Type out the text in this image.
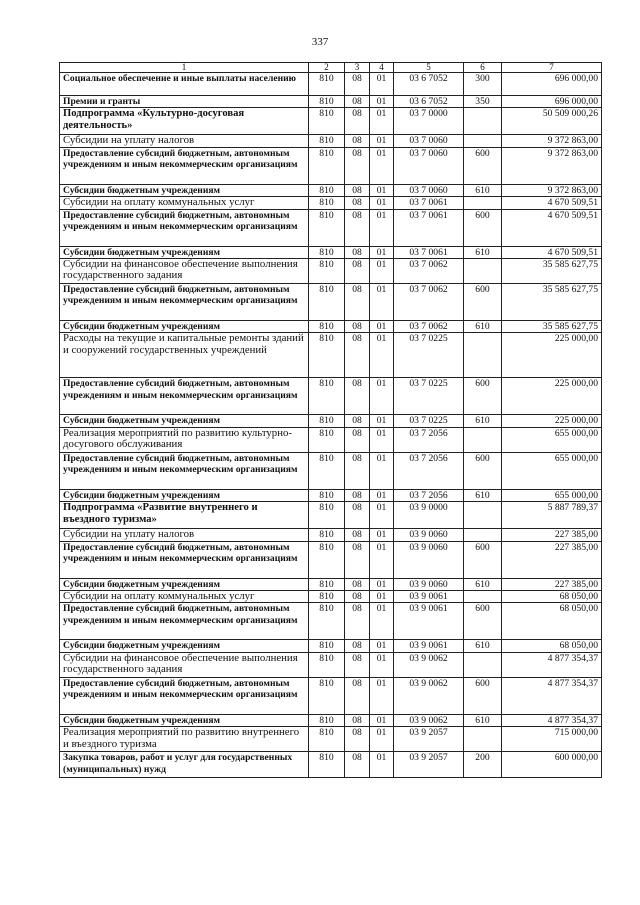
337
1	2	3	4	5	6	7
Социальное обеспечение и иные выплаты населению	810	08	01	03 6 7052	300	696 000,00
Премии и гранты	810	08	01	03 6 7052	350	696 000,00
Подпрограмма «Культурно-досуговая деятельность»	810	08	01	03 7 0000		50 509 000,26
Субсидии на уплату налогов	810	08	01	03 7 0060		9 372 863,00
Предоставление субсидий бюджетным, автономным учреждениям и иным некоммерческим организациям	810	08	01	03 7 0060	600	9 372 863,00
Субсидии бюджетным учреждениям	810	08	01	03 7 0060	610	9 372 863,00
Субсидии на оплату коммунальных услуг	810	08	01	03 7 0061		4 670 509,51
Предоставление субсидий бюджетным, автономным учреждениям и иным некоммерческим организациям	810	08	01	03 7 0061	600	4 670 509,51
Субсидии бюджетным учреждениям	810	08	01	03 7 0061	610	4 670 509,51
Субсидии на финансовое обеспечение выполнения государственного задания	810	08	01	03 7 0062		35 585 627,75
Предоставление субсидий бюджетным, автономным учреждениям и иным некоммерческим организациям	810	08	01	03 7 0062	600	35 585 627,75
Субсидии бюджетным учреждениям	810	08	01	03 7 0062	610	35 585 627,75
Расходы на текущие и капитальные ремонты зданий и сооружений государственных учреждений	810	08	01	03 7 0225		225 000,00
Предоставление субсидий бюджетным, автономным учреждениям и иным некоммерческим организациям	810	08	01	03 7 0225	600	225 000,00
Субсидии бюджетным учреждениям	810	08	01	03 7 0225	610	225 000,00
Реализация мероприятий по развитию культурно-досугового обслуживания	810	08	01	03 7 2056		655 000,00
Предоставление субсидий бюджетным, автономным учреждениям и иным некоммерческим организациям	810	08	01	03 7 2056	600	655 000,00
Субсидии бюджетным учреждениям	810	08	01	03 7 2056	610	655 000,00
Подпрограмма «Развитие внутреннего и въездного туризма»	810	08	01	03 9 0000		5 887 789,37
Субсидии на уплату налогов	810	08	01	03 9 0060		227 385,00
Предоставление субсидий бюджетным, автономным учреждениям и иным некоммерческим организациям	810	08	01	03 9 0060	600	227 385,00
Субсидии бюджетным учреждениям	810	08	01	03 9 0060	610	227 385,00
Субсидии на оплату коммунальных услуг	810	08	01	03 9 0061		68 050,00
Предоставление субсидий бюджетным, автономным учреждениям и иным некоммерческим организациям	810	08	01	03 9 0061	600	68 050,00
Субсидии бюджетным учреждениям	810	08	01	03 9 0061	610	68 050,00
Субсидии на финансовое обеспечение выполнения государственного задания	810	08	01	03 9 0062		4 877 354,37
Предоставление субсидий бюджетным, автономным учреждениям и иным некоммерческим организациям	810	08	01	03 9 0062	600	4 877 354,37
Субсидии бюджетным учреждениям	810	08	01	03 9 0062	610	4 877 354,37
Реализация мероприятий по развитию внутреннего и въездного туризма	810	08	01	03 9 2057		715 000,00
Закупка товаров, работ и услуг для государственных (муниципальных) нужд	810	08	01	03 9 2057	200	600 000,00
